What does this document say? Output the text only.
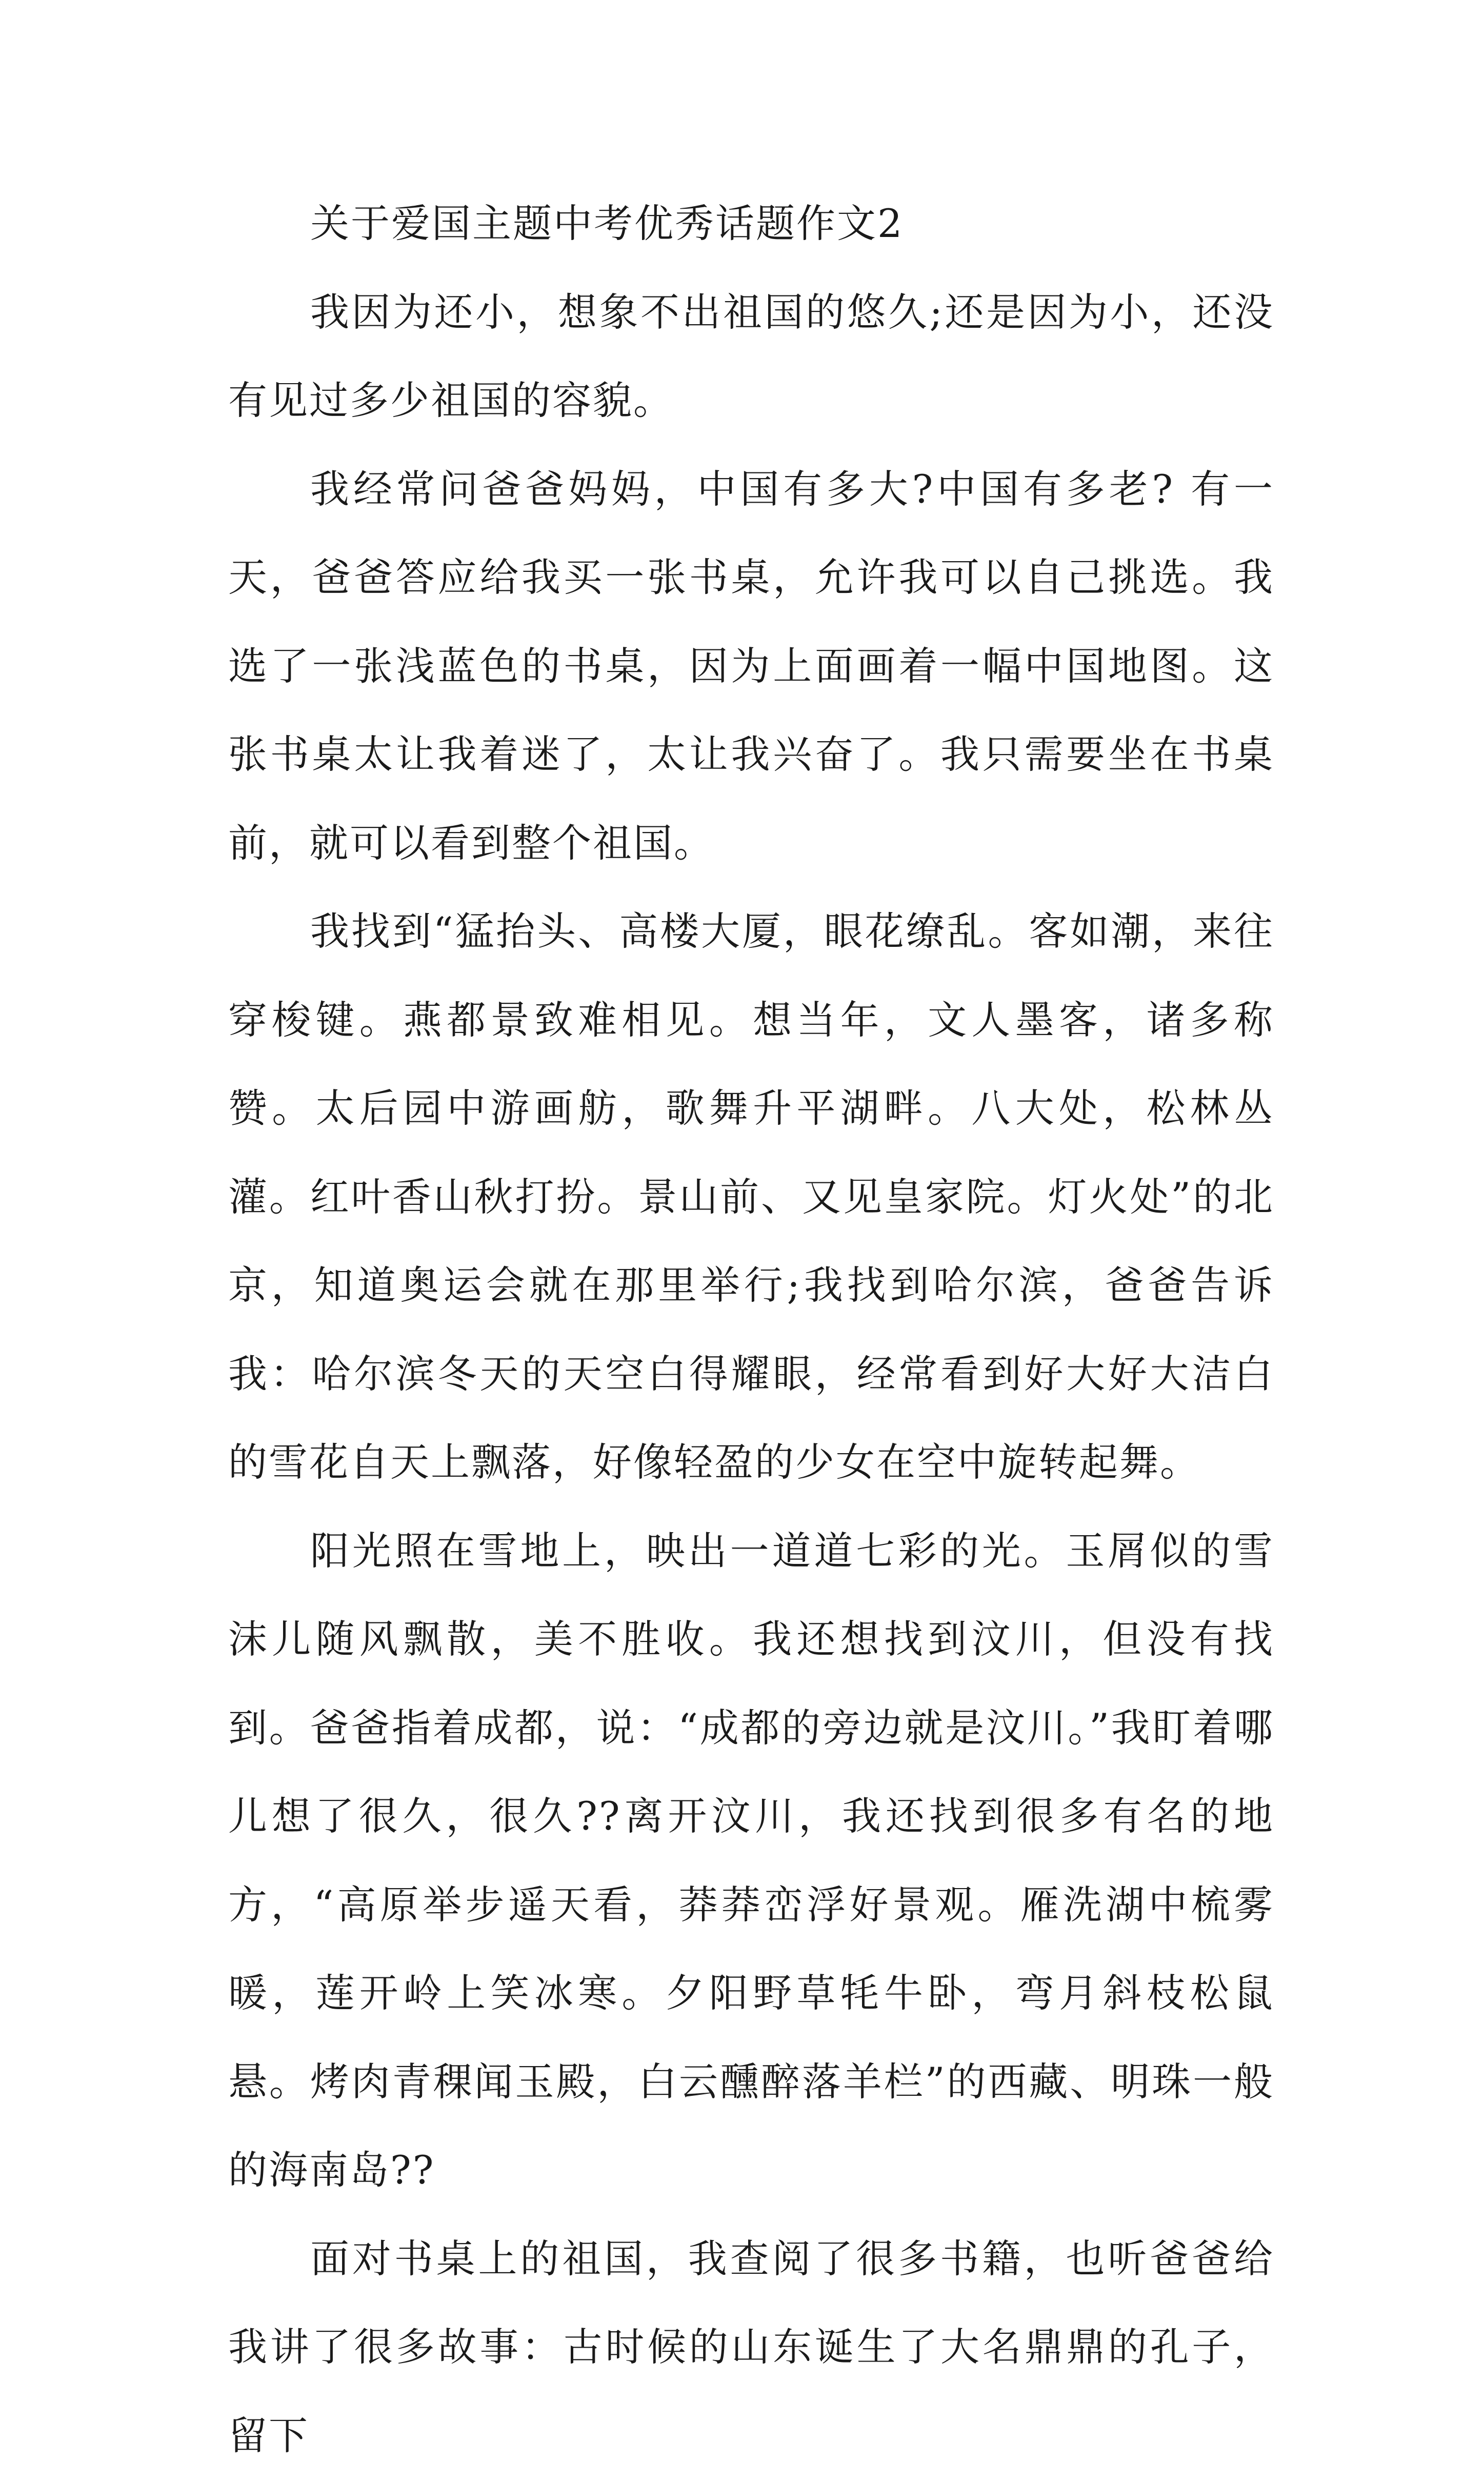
关于爱国主题中考优秀话题作文2

我因为还小，想象不出祖国的悠久;还是因为小，还没有见过多少祖国的容貌。

我经常问爸爸妈妈，中国有多大?中国有多老? 有一天，爸爸答应给我买一张书桌，允许我可以自己挑选。我选了一张浅蓝色的书桌，因为上面画着一幅中国地图。这张书桌太让我着迷了，太让我兴奋了。我只需要坐在书桌前，就可以看到整个祖国。

我找到“猛抬头、高楼大厦，眼花缭乱。客如潮，来往穿梭键。燕都景致难相见。想当年，文人墨客，诸多称赞。太后园中游画舫，歌舞升平湖畔。八大处，松林丛灌。红叶香山秋打扮。景山前、又见皇家院。灯火处”的北京，知道奥运会就在那里举行;我找到哈尔滨，爸爸告诉我：哈尔滨冬天的天空白得耀眼，经常看到好大好大洁白的雪花自天上飘落，好像轻盈的少女在空中旋转起舞。

阳光照在雪地上，映出一道道七彩的光。玉屑似的雪沫儿随风飘散，美不胜收。我还想找到汶川，但没有找到。爸爸指着成都，说：“成都的旁边就是汶川。”我盯着哪儿想了很久，很久??离开汶川，我还找到很多有名的地方，“高原举步遥天看，莽莽峦浮好景观。雁洗湖中梳雾暖，莲开岭上笑冰寒。夕阳野草牦牛卧，弯月斜枝松鼠悬。烤肉青稞闻玉殿，白云醺醉落羊栏”的西藏、明珠一般的海南岛??

面对书桌上的祖国，我查阅了很多书籍，也听爸爸给我讲了很多故事：古时候的山东诞生了大名鼎鼎的孔子，留下
